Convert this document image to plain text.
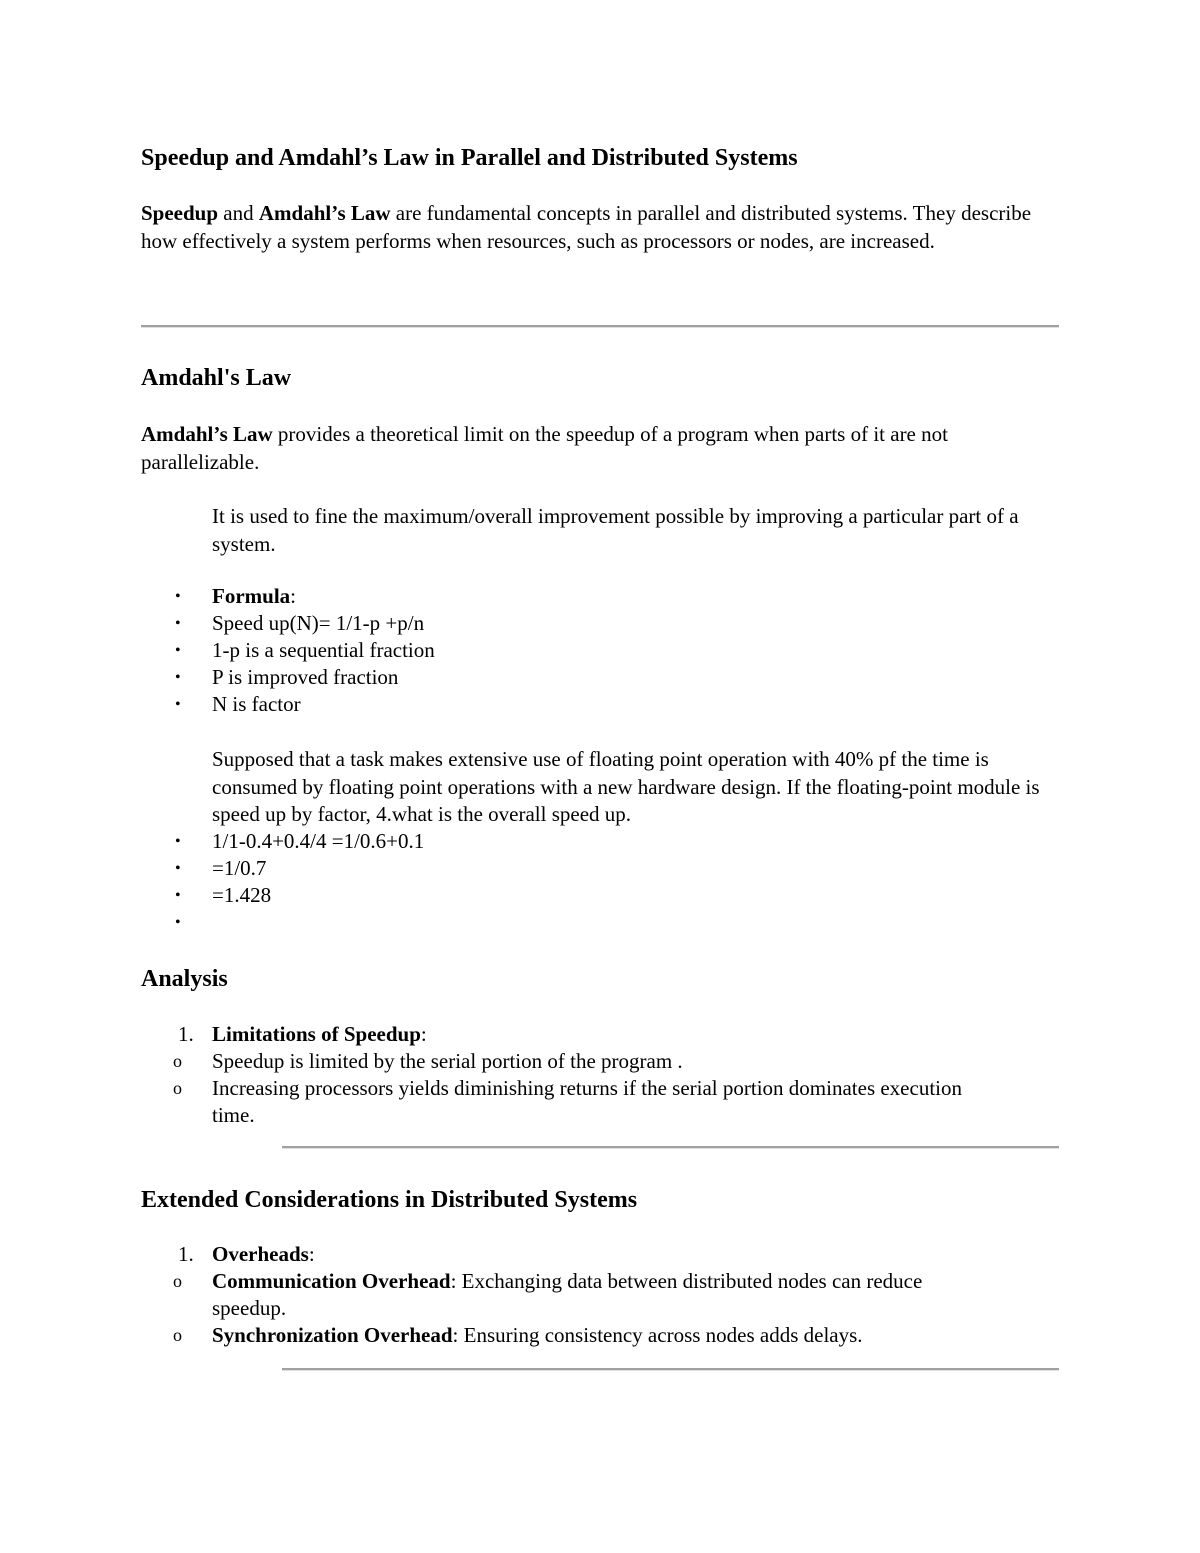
Speedup and Amdahl’s Law in Parallel and Distributed Systems

Speedup and Amdahl’s Law are fundamental concepts in parallel and distributed systems. They describe how effectively a system performs when resources, such as processors or nodes, are increased.

Amdahl's Law

Amdahl’s Law provides a theoretical limit on the speedup of a program when parts of it are not parallelizable.

It is used to fine the maximum/overall improvement possible by improving a particular part of a system.

• Formula:
• Speed up(N)= 1/1-p +p/n
• 1-p is a sequential fraction
• P is improved fraction
• N is factor

Supposed that a task makes extensive use of floating point operation with 40% pf the time is consumed by floating point operations with a new hardware design. If the floating-point module is speed up by factor, 4.what is the overall speed up.

• 1/1-0.4+0.4/4 =1/0.6+0.1
• =1/0.7
• =1.428
•

Analysis
1. Limitations of Speedup:
o Speedup is limited by the serial portion of the program .
o Increasing processors yields diminishing returns if the serial portion dominates execution time.
Extended Considerations in Distributed Systems
1. Overheads:
o Communication Overhead: Exchanging data between distributed nodes can reduce speedup.
o Synchronization Overhead: Ensuring consistency across nodes adds delays.
